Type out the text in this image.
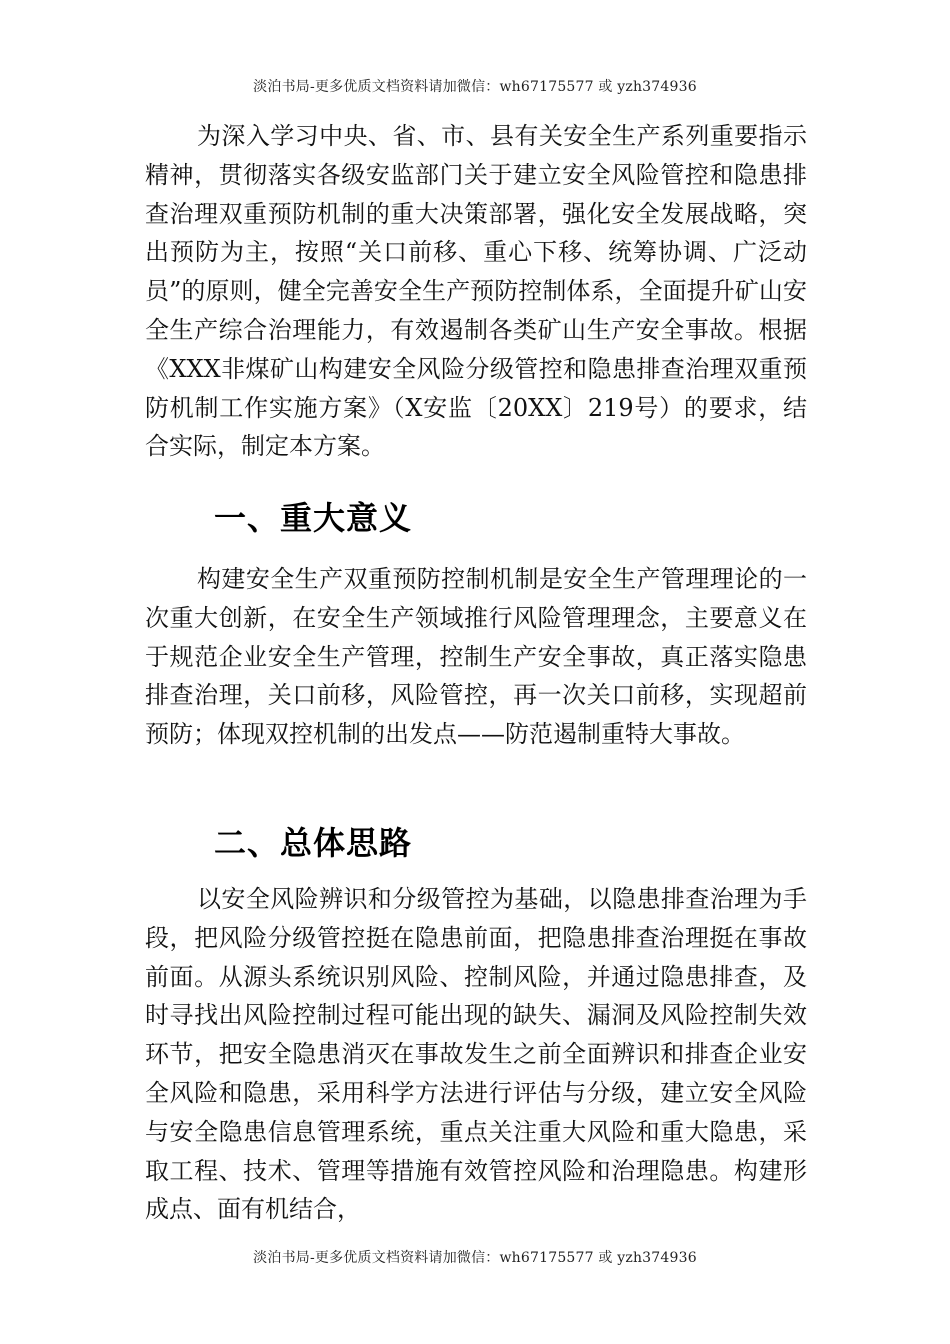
淡泊书局-更多优质文档资料请加微信：wh67175577 或 yzh374936

为深入学习中央、省、市、县有关安全生产系列重要指示精神，贯彻落实各级安监部门关于建立安全风险管控和隐患排查治理双重预防机制的重大决策部署，强化安全发展战略，突出预防为主，按照“关口前移、重心下移、统筹协调、广泛动员”的原则，健全完善安全生产预防控制体系，全面提升矿山安全生产综合治理能力，有效遏制各类矿山生产安全事故。根据《XXX非煤矿山构建安全风险分级管控和隐患排查治理双重预防机制工作实施方案》（X安监〔20XX〕219号）的要求，结合实际，制定本方案。

一、重大意义

构建安全生产双重预防控制机制是安全生产管理理论的一次重大创新，在安全生产领域推行风险管理理念，主要意义在于规范企业安全生产管理，控制生产安全事故，真正落实隐患排查治理，关口前移，风险管控，再一次关口前移，实现超前预防；体现双控机制的出发点——防范遏制重特大事故。

二、总体思路

以安全风险辨识和分级管控为基础，以隐患排查治理为手段，把风险分级管控挺在隐患前面，把隐患排查治理挺在事故前面。从源头系统识别风险、控制风险，并通过隐患排查，及时寻找出风险控制过程可能出现的缺失、漏洞及风险控制失效环节，把安全隐患消灭在事故发生之前全面辨识和排查企业安全风险和隐患，采用科学方法进行评估与分级，建立安全风险与安全隐患信息管理系统，重点关注重大风险和重大隐患，采取工程、技术、管理等措施有效管控风险和治理隐患。构建形成点、面有机结合，

淡泊书局-更多优质文档资料请加微信：wh67175577 或 yzh374936
